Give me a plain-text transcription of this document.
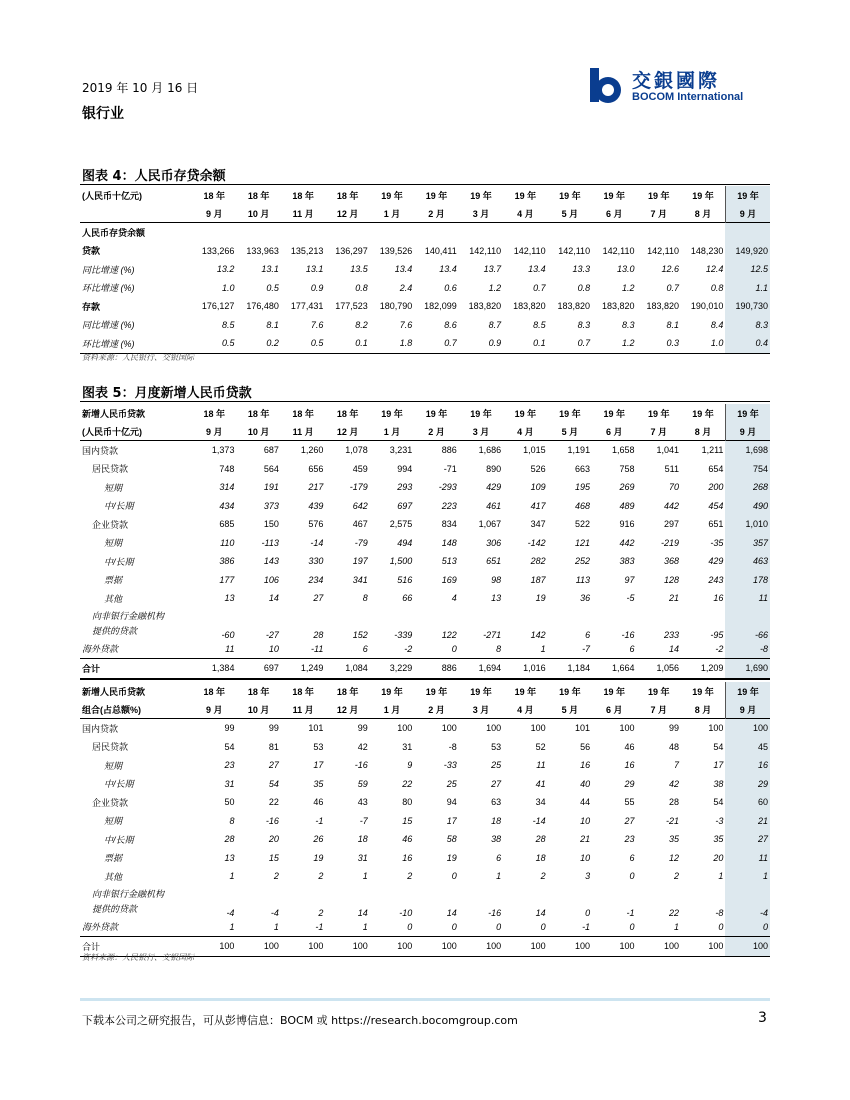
2019 年 10 月 16 日
银行业
交銀國際
BOCOM International
图表 4：人民币存贷余额
(人民币十亿元)	18 年	18 年	18 年	18 年	19 年	19 年	19 年	19 年	19 年	19 年	19 年	19 年	19 年
	9 月	10 月	11 月	12 月	1 月	2 月	3 月	4 月	5 月	6 月	7 月	8 月	9 月
人民币存贷余额													
贷款	133,266	133,963	135,213	136,297	139,526	140,411	142,110	142,110	142,110	142,110	142,110	148,230	149,920
同比增速 (%)	13.2	13.1	13.1	13.5	13.4	13.4	13.7	13.4	13.3	13.0	12.6	12.4	12.5
环比增速 (%)	1.0	0.5	0.9	0.8	2.4	0.6	1.2	0.7	0.8	1.2	0.7	0.8	1.1
存款	176,127	176,480	177,431	177,523	180,790	182,099	183,820	183,820	183,820	183,820	183,820	190,010	190,730
同比增速 (%)	8.5	8.1	7.6	8.2	7.6	8.6	8.7	8.5	8.3	8.3	8.1	8.4	8.3
环比增速 (%)	0.5	0.2	0.5	0.1	1.8	0.7	0.9	0.1	0.7	1.2	0.3	1.0	0.4
资料来源：人民银行、交银国际
图表 5：月度新增人民币贷款
新增人民币贷款	18 年	18 年	18 年	18 年	19 年	19 年	19 年	19 年	19 年	19 年	19 年	19 年	19 年
(人民币十亿元)	9 月	10 月	11 月	12 月	1 月	2 月	3 月	4 月	5 月	6 月	7 月	8 月	9 月
国内贷款	1,373	687	1,260	1,078	3,231	886	1,686	1,015	1,191	1,658	1,041	1,211	1,698
居民贷款	748	564	656	459	994	-71	890	526	663	758	511	654	754
短期	314	191	217	-179	293	-293	429	109	195	269	70	200	268
中/长期	434	373	439	642	697	223	461	417	468	489	442	454	490
企业贷款	685	150	576	467	2,575	834	1,067	347	522	916	297	651	1,010
短期	110	-113	-14	-79	494	148	306	-142	121	442	-219	-35	357
中/长期	386	143	330	197	1,500	513	651	282	252	383	368	429	463
票据	177	106	234	341	516	169	98	187	113	97	128	243	178
其他	13	14	27	8	66	4	13	19	36	-5	21	16	11

向非银行金融机构
提供的贷款	-60	-27	28	152	-339	122	-271	142	6	-16	233	-95	-66
海外贷款	11	10	-11	6	-2	0	8	1	-7	6	14	-2	-8
合计	1,384	697	1,249	1,084	3,229	886	1,694	1,016	1,184	1,664	1,056	1,209	1,690
新增人民币贷款	18 年	18 年	18 年	18 年	19 年	19 年	19 年	19 年	19 年	19 年	19 年	19 年	19 年
组合(占总额%)	9 月	10 月	11 月	12 月	1 月	2 月	3 月	4 月	5 月	6 月	7 月	8 月	9 月
国内贷款	99	99	101	99	100	100	100	100	101	100	99	100	100
居民贷款	54	81	53	42	31	-8	53	52	56	46	48	54	45
短期	23	27	17	-16	9	-33	25	11	16	16	7	17	16
中/长期	31	54	35	59	22	25	27	41	40	29	42	38	29
企业贷款	50	22	46	43	80	94	63	34	44	55	28	54	60
短期	8	-16	-1	-7	15	17	18	-14	10	27	-21	-3	21
中/长期	28	20	26	18	46	58	38	28	21	23	35	35	27
票据	13	15	19	31	16	19	6	18	10	6	12	20	11
其他	1	2	2	1	2	0	1	2	3	0	2	1	1

向非银行金融机构
提供的贷款	-4	-4	2	14	-10	14	-16	14	0	-1	22	-8	-4
海外贷款	1	1	-1	1	0	0	0	0	-1	0	1	0	0
合计	100	100	100	100	100	100	100	100	100	100	100	100	100
资料来源：人民银行、交银国际
下载本公司之研究报告，可从彭博信息：BOCM 或 https://research.bocomgroup.com	3
